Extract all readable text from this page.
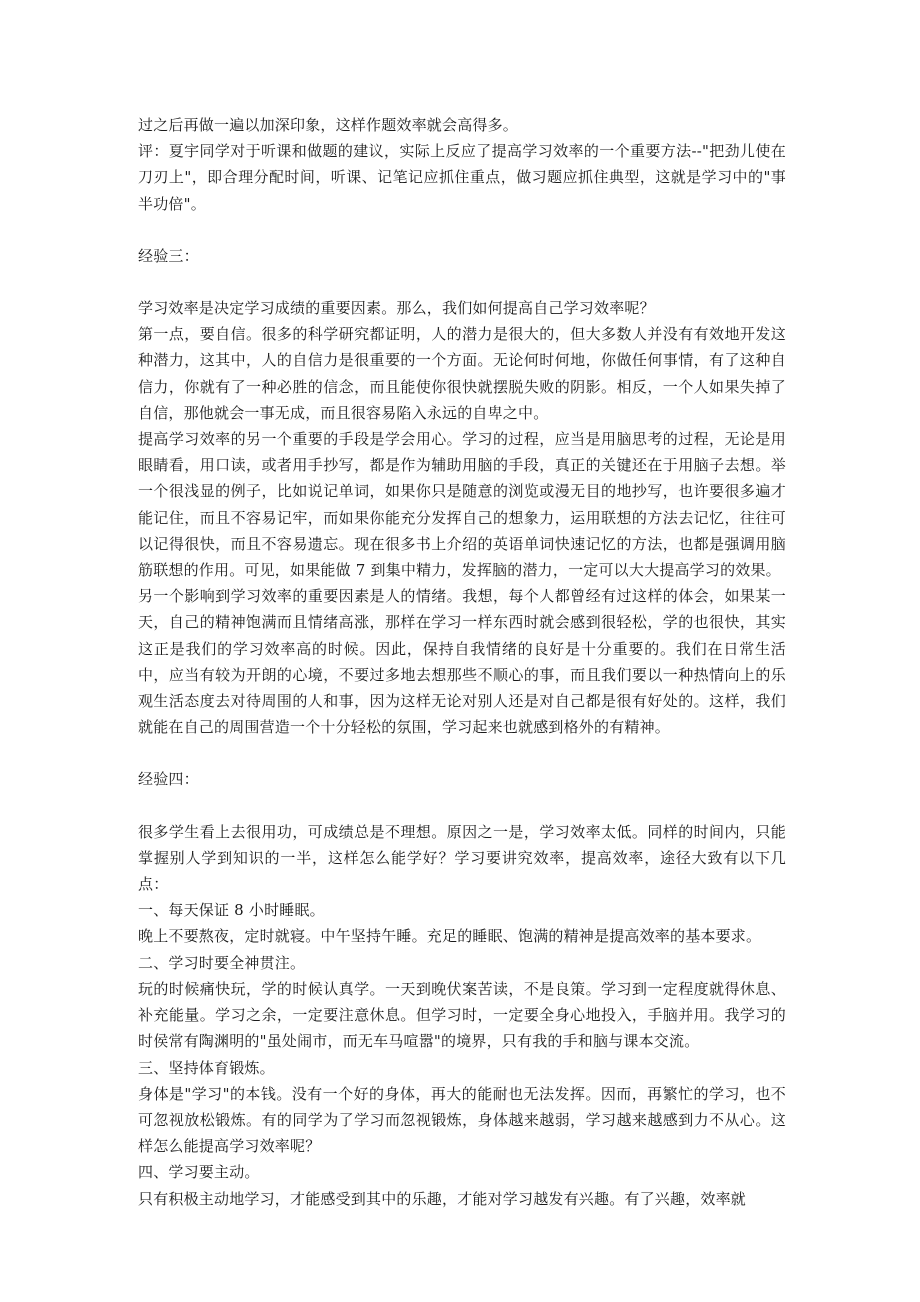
过之后再做一遍以加深印象，这样作题效率就会高得多。

评：夏宇同学对于听课和做题的建议，实际上反应了提高学习效率的一个重要方法--"把劲儿使在刀刃上"，即合理分配时间，听课、记笔记应抓住重点，做习题应抓住典型，这就是学习中的"事半功倍"。

经验三：

学习效率是决定学习成绩的重要因素。那么，我们如何提高自己学习效率呢？

第一点，要自信。很多的科学研究都证明，人的潜力是很大的，但大多数人并没有有效地开发这种潜力，这其中，人的自信力是很重要的一个方面。无论何时何地，你做任何事情，有了这种自信力，你就有了一种必胜的信念，而且能使你很快就摆脱失败的阴影。相反，一个人如果失掉了自信，那他就会一事无成，而且很容易陷入永远的自卑之中。

提高学习效率的另一个重要的手段是学会用心。学习的过程，应当是用脑思考的过程，无论是用眼睛看，用口读，或者用手抄写，都是作为辅助用脑的手段，真正的关键还在于用脑子去想。举一个很浅显的例子，比如说记单词，如果你只是随意的浏览或漫无目的地抄写，也许要很多遍才能记住，而且不容易记牢，而如果你能充分发挥自己的想象力，运用联想的方法去记忆，往往可以记得很快，而且不容易遗忘。现在很多书上介绍的英语单词快速记忆的方法，也都是强调用脑筋联想的作用。可见，如果能做 7 到集中精力，发挥脑的潜力，一定可以大大提高学习的效果。

另一个影响到学习效率的重要因素是人的情绪。我想，每个人都曾经有过这样的体会，如果某一天，自己的精神饱满而且情绪高涨，那样在学习一样东西时就会感到很轻松，学的也很快，其实这正是我们的学习效率高的时候。因此，保持自我情绪的良好是十分重要的。我们在日常生活中，应当有较为开朗的心境，不要过多地去想那些不顺心的事，而且我们要以一种热情向上的乐观生活态度去对待周围的人和事，因为这样无论对别人还是对自己都是很有好处的。这样，我们就能在自己的周围营造一个十分轻松的氛围，学习起来也就感到格外的有精神。

经验四：

很多学生看上去很用功，可成绩总是不理想。原因之一是，学习效率太低。同样的时间内，只能掌握别人学到知识的一半，这样怎么能学好？学习要讲究效率，提高效率，途径大致有以下几点：

一、每天保证 8 小时睡眠。

晚上不要熬夜，定时就寝。中午坚持午睡。充足的睡眠、饱满的精神是提高效率的基本要求。

二、学习时要全神贯注。

玩的时候痛快玩，学的时候认真学。一天到晚伏案苦读，不是良策。学习到一定程度就得休息、补充能量。学习之余，一定要注意休息。但学习时，一定要全身心地投入，手脑并用。我学习的时侯常有陶渊明的"虽处闹市，而无车马喧嚣"的境界，只有我的手和脑与课本交流。

三、坚持体育锻炼。

身体是"学习"的本钱。没有一个好的身体，再大的能耐也无法发挥。因而，再繁忙的学习，也不可忽视放松锻炼。有的同学为了学习而忽视锻炼，身体越来越弱，学习越来越感到力不从心。这样怎么能提高学习效率呢？

四、学习要主动。

只有积极主动地学习，才能感受到其中的乐趣，才能对学习越发有兴趣。有了兴趣，效率就
